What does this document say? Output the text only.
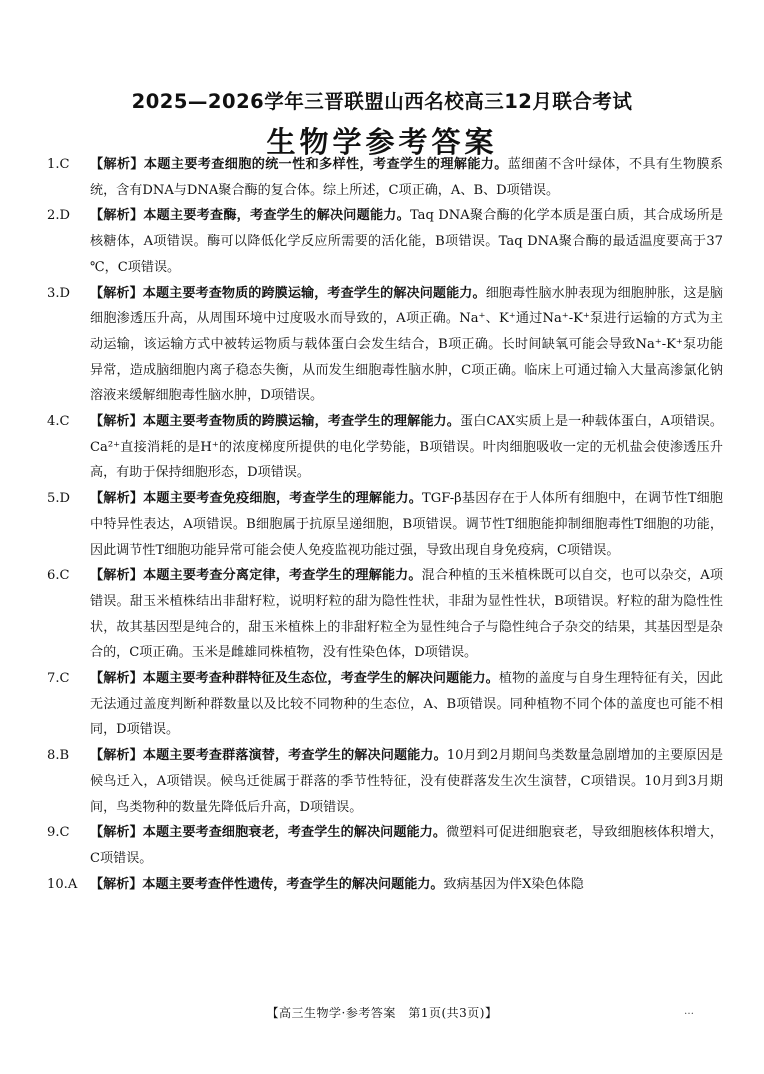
2025—2026学年三晋联盟山西名校高三12月联合考试
生物学参考答案
1.C 【解析】本题主要考查细胞的统一性和多样性，考查学生的理解能力。蓝细菌不含叶绿体，不具有生物膜系统，含有DNA与DNA聚合酶的复合体。综上所述，C项正确，A、B、D项错误。
2.D 【解析】本题主要考查酶，考查学生的解决问题能力。Taq DNA聚合酶的化学本质是蛋白质，其合成场所是核糖体，A项错误。酶可以降低化学反应所需要的活化能，B项错误。Taq DNA聚合酶的最适温度要高于37 ℃，C项错误。
3.D 【解析】本题主要考查物质的跨膜运输，考查学生的解决问题能力。细胞毒性脑水肿表现为细胞肿胀，这是脑细胞渗透压升高，从周围环境中过度吸水而导致的，A项正确。Na⁺、K⁺通过Na⁺-K⁺泵进行运输的方式为主动运输，该运输方式中被转运物质与载体蛋白会发生结合，B项正确。长时间缺氧可能会导致Na⁺-K⁺泵功能异常，造成脑细胞内离子稳态失衡，从而发生细胞毒性脑水肿，C项正确。临床上可通过输入大量高渗氯化钠溶液来缓解细胞毒性脑水肿，D项错误。
4.C 【解析】本题主要考查物质的跨膜运输，考查学生的理解能力。蛋白CAX实质上是一种载体蛋白，A项错误。Ca²⁺直接消耗的是H⁺的浓度梯度所提供的电化学势能，B项错误。叶肉细胞吸收一定的无机盐会使渗透压升高，有助于保持细胞形态，D项错误。
5.D 【解析】本题主要考查免疫细胞，考查学生的理解能力。TGF-β基因存在于人体所有细胞中，在调节性T细胞中特异性表达，A项错误。B细胞属于抗原呈递细胞，B项错误。调节性T细胞能抑制细胞毒性T细胞的功能，因此调节性T细胞功能异常可能会使人免疫监视功能过强，导致出现自身免疫病，C项错误。
6.C 【解析】本题主要考查分离定律，考查学生的理解能力。混合种植的玉米植株既可以自交，也可以杂交，A项错误。甜玉米植株结出非甜籽粒，说明籽粒的甜为隐性性状，非甜为显性性状，B项错误。籽粒的甜为隐性性状，故其基因型是纯合的，甜玉米植株上的非甜籽粒全为显性纯合子与隐性纯合子杂交的结果，其基因型是杂合的，C项正确。玉米是雌雄同株植物，没有性染色体，D项错误。
7.C 【解析】本题主要考查种群特征及生态位，考查学生的解决问题能力。植物的盖度与自身生理特征有关，因此无法通过盖度判断种群数量以及比较不同物种的生态位，A、B项错误。同种植物不同个体的盖度也可能不相同，D项错误。
8.B 【解析】本题主要考查群落演替，考查学生的解决问题能力。10月到2月期间鸟类数量急剧增加的主要原因是候鸟迁入，A项错误。候鸟迁徙属于群落的季节性特征，没有使群落发生次生演替，C项错误。10月到3月期间，鸟类物种的数量先降低后升高，D项错误。
9.C 【解析】本题主要考查细胞衰老，考查学生的解决问题能力。微塑料可促进细胞衰老，导致细胞核体积增大，C项错误。
10.A 【解析】本题主要考查伴性遗传，考查学生的解决问题能力。致病基因为伴X染色体隐
【高三生物学·参考答案　第1页(共3页)】	…
